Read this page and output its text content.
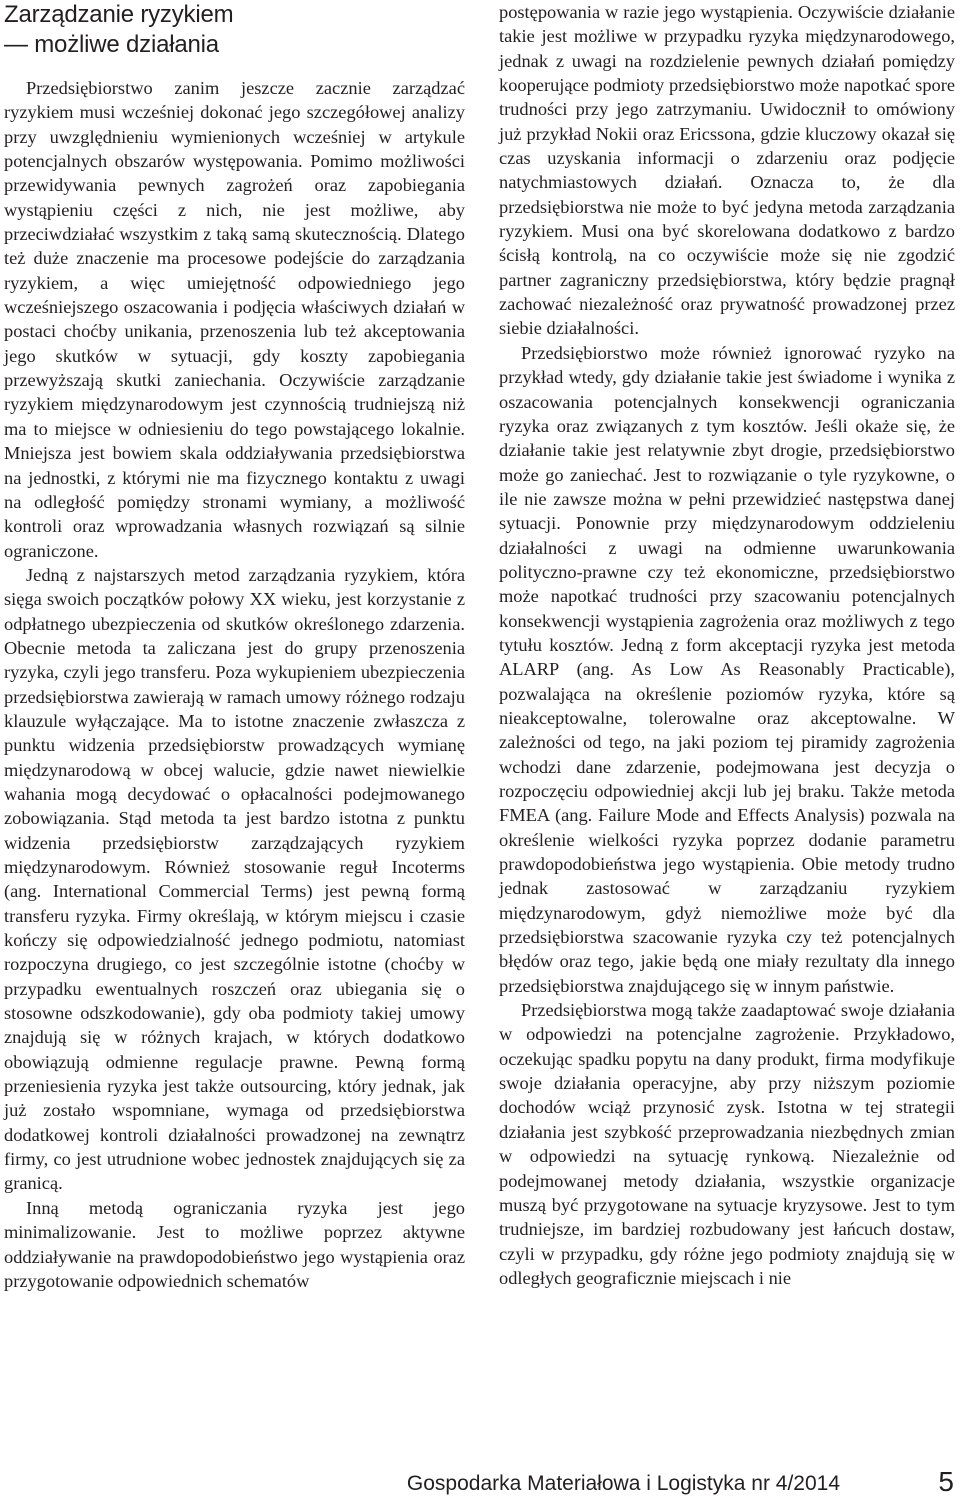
Zarządzanie ryzykiem
— możliwe działania

Przedsiębiorstwo zanim jeszcze zacznie zarządzać ryzykiem musi wcześniej dokonać jego szczegółowej analizy przy uwzględnieniu wymienionych wcześniej w artykule potencjalnych obszarów występowania. Pomimo możliwości przewidywania pewnych zagrożeń oraz zapobiegania wystąpieniu części z nich, nie jest możliwe, aby przeciwdziałać wszystkim z taką samą skutecznością. Dlatego też duże znaczenie ma procesowe podejście do zarządzania ryzykiem, a więc umiejętność odpowiedniego jego wcześniejszego oszacowania i podjęcia właściwych działań w postaci choćby unikania, przenoszenia lub też akceptowania jego skutków w sytuacji, gdy koszty zapobiegania przewyższają skutki zaniechania. Oczywiście zarządzanie ryzykiem międzynarodowym jest czynnością trudniejszą niż ma to miejsce w odniesieniu do tego powstającego lokalnie. Mniejsza jest bowiem skala oddziaływania przedsiębiorstwa na jednostki, z którymi nie ma fizycznego kontaktu z uwagi na odległość pomiędzy stronami wymiany, a możliwość kontroli oraz wprowadzania własnych rozwiązań są silnie ograniczone.

Jedną z najstarszych metod zarządzania ryzykiem, która sięga swoich początków połowy XX wieku, jest korzystanie z odpłatnego ubezpieczenia od skutków określonego zdarzenia. Obecnie metoda ta zaliczana jest do grupy przenoszenia ryzyka, czyli jego transferu. Poza wykupieniem ubezpieczenia przedsiębiorstwa zawierają w ramach umowy różnego rodzaju klauzule wyłączające. Ma to istotne znaczenie zwłaszcza z punktu widzenia przedsiębiorstw prowadzących wymianę międzynarodową w obcej walucie, gdzie nawet niewielkie wahania mogą decydować o opłacalności podejmowanego zobowiązania. Stąd metoda ta jest bardzo istotna z punktu widzenia przedsiębiorstw zarządzających ryzykiem międzynarodowym. Również stosowanie reguł Incoterms (ang. International Commercial Terms) jest pewną formą transferu ryzyka. Firmy określają, w którym miejscu i czasie kończy się odpowiedzialność jednego podmiotu, natomiast rozpoczyna drugiego, co jest szczególnie istotne (choćby w przypadku ewentualnych roszczeń oraz ubiegania się o stosowne odszkodowanie), gdy oba podmioty takiej umowy znajdują się w różnych krajach, w których dodatkowo obowiązują odmienne regulacje prawne. Pewną formą przeniesienia ryzyka jest także outsourcing, który jednak, jak już zostało wspomniane, wymaga od przedsiębiorstwa dodatkowej kontroli działalności prowadzonej na zewnątrz firmy, co jest utrudnione wobec jednostek znajdujących się za granicą.

Inną metodą ograniczania ryzyka jest jego minimalizowanie. Jest to możliwe poprzez aktywne oddziaływanie na prawdopodobieństwo jego wystąpienia oraz przygotowanie odpowiednich schematów

postępowania w razie jego wystąpienia. Oczywiście działanie takie jest możliwe w przypadku ryzyka międzynarodowego, jednak z uwagi na rozdzielenie pewnych działań pomiędzy kooperujące podmioty przedsiębiorstwo może napotkać spore trudności przy jego zatrzymaniu. Uwidocznił to omówiony już przykład Nokii oraz Ericssona, gdzie kluczowy okazał się czas uzyskania informacji o zdarzeniu oraz podjęcie natychmiastowych działań. Oznacza to, że dla przedsiębiorstwa nie może to być jedyna metoda zarządzania ryzykiem. Musi ona być skorelowana dodatkowo z bardzo ścisłą kontrolą, na co oczywiście może się nie zgodzić partner zagraniczny przedsiębiorstwa, który będzie pragnął zachować niezależność oraz prywatność prowadzonej przez siebie działalności.

Przedsiębiorstwo może również ignorować ryzyko na przykład wtedy, gdy działanie takie jest świadome i wynika z oszacowania potencjalnych konsekwencji ograniczania ryzyka oraz związanych z tym kosztów. Jeśli okaże się, że działanie takie jest relatywnie zbyt drogie, przedsiębiorstwo może go zaniechać. Jest to rozwiązanie o tyle ryzykowne, o ile nie zawsze można w pełni przewidzieć następstwa danej sytuacji. Ponownie przy międzynarodowym oddzieleniu działalności z uwagi na odmienne uwarunkowania polityczno-prawne czy też ekonomiczne, przedsiębiorstwo może napotkać trudności przy szacowaniu potencjalnych konsekwencji wystąpienia zagrożenia oraz możliwych z tego tytułu kosztów. Jedną z form akceptacji ryzyka jest metoda ALARP (ang. As Low As Reasonably Practicable), pozwalająca na określenie poziomów ryzyka, które są nieakceptowalne, tolerowalne oraz akceptowalne. W zależności od tego, na jaki poziom tej piramidy zagrożenia wchodzi dane zdarzenie, podejmowana jest decyzja o rozpoczęciu odpowiedniej akcji lub jej braku. Także metoda FMEA (ang. Failure Mode and Effects Analysis) pozwala na określenie wielkości ryzyka poprzez dodanie parametru prawdopodobieństwa jego wystąpienia. Obie metody trudno jednak zastosować w zarządzaniu ryzykiem międzynarodowym, gdyż niemożliwe może być dla przedsiębiorstwa szacowanie ryzyka czy też potencjalnych błędów oraz tego, jakie będą one miały rezultaty dla innego przedsiębiorstwa znajdującego się w innym państwie.

Przedsiębiorstwa mogą także zaadaptować swoje działania w odpowiedzi na potencjalne zagrożenie. Przykładowo, oczekując spadku popytu na dany produkt, firma modyfikuje swoje działania operacyjne, aby przy niższym poziomie dochodów wciąż przynosić zysk. Istotna w tej strategii działania jest szybkość przeprowadzania niezbędnych zmian w odpowiedzi na sytuację rynkową. Niezależnie od podejmowanej metody działania, wszystkie organizacje muszą być przygotowane na sytuacje kryzysowe. Jest to tym trudniejsze, im bardziej rozbudowany jest łańcuch dostaw, czyli w przypadku, gdy różne jego podmioty znajdują się w odległych geograficznie miejscach i nie

Gospodarka Materiałowa i Logistyka nr 4/2014	5
